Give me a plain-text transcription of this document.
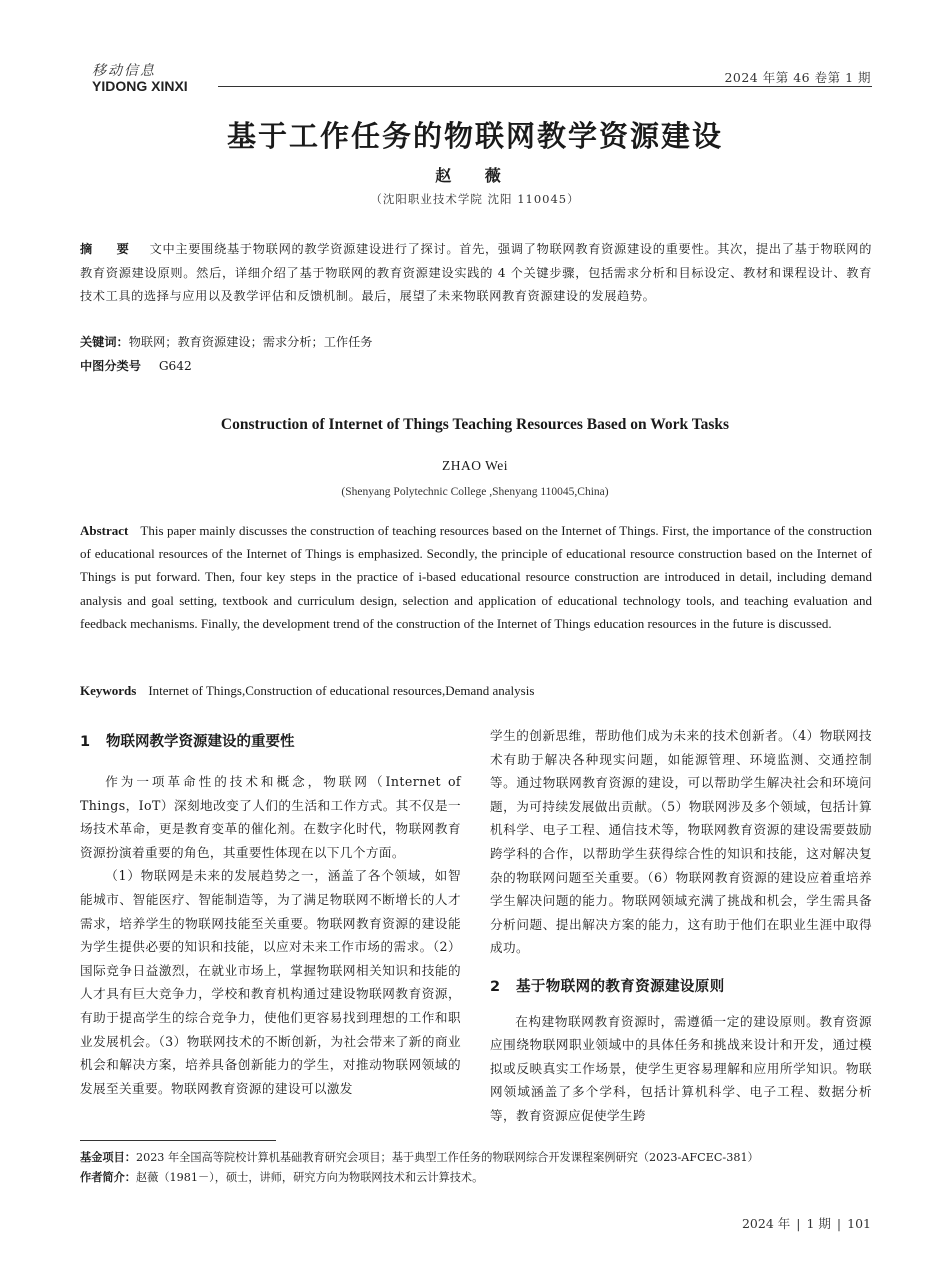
移动信息
YIDONG XINXI
2024 年第 46 卷第 1 期
基于工作任务的物联网教学资源建设
赵 薇
（沈阳职业技术学院 沈阳 110045）
摘 要 文中主要围绕基于物联网的教学资源建设进行了探讨。首先，强调了物联网教育资源建设的重要性。其次，提出了基于物联网的教育资源建设原则。然后，详细介绍了基于物联网的教育资源建设实践的 4 个关键步骤，包括需求分析和目标设定、教材和课程设计、教育技术工具的选择与应用以及教学评估和反馈机制。最后，展望了未来物联网教育资源建设的发展趋势。
关键词：物联网；教育资源建设；需求分析；工作任务
中图分类号 G642
Construction of Internet of Things Teaching Resources Based on Work Tasks
ZHAO Wei
(Shenyang Polytechnic College ,Shenyang 110045,China)
Abstract This paper mainly discusses the construction of teaching resources based on the Internet of Things. First, the importance of the construction of educational resources of the Internet of Things is emphasized. Secondly, the principle of educational resource construction based on the Internet of Things is put forward. Then, four key steps in the practice of i-based educational resource construction are introduced in detail, including demand analysis and goal setting, textbook and curriculum design, selection and application of educational technology tools, and teaching evaluation and feedback mechanisms. Finally, the development trend of the construction of the Internet of Things education resources in the future is discussed.
Keywords Internet of Things,Construction of educational resources,Demand analysis
1 物联网教学资源建设的重要性

作为一项革命性的技术和概念，物联网（Internet of Things，IoT）深刻地改变了人们的生活和工作方式。其不仅是一场技术革命，更是教育变革的催化剂。在数字化时代，物联网教育资源扮演着重要的角色，其重要性体现在以下几个方面。

（1）物联网是未来的发展趋势之一，涵盖了各个领域，如智能城市、智能医疗、智能制造等，为了满足物联网不断增长的人才需求，培养学生的物联网技能至关重要。物联网教育资源的建设能为学生提供必要的知识和技能，以应对未来工作市场的需求。（2）国际竞争日益激烈，在就业市场上，掌握物联网相关知识和技能的人才具有巨大竞争力，学校和教育机构通过建设物联网教育资源，有助于提高学生的综合竞争力，使他们更容易找到理想的工作和职业发展机会。（3）物联网技术的不断创新，为社会带来了新的商业机会和解决方案，培养具备创新能力的学生，对推动物联网领域的发展至关重要。物联网教育资源的建设可以激发

学生的创新思维，帮助他们成为未来的技术创新者。（4）物联网技术有助于解决各种现实问题，如能源管理、环境监测、交通控制等。通过物联网教育资源的建设，可以帮助学生解决社会和环境问题，为可持续发展做出贡献。（5）物联网涉及多个领域，包括计算机科学、电子工程、通信技术等，物联网教育资源的建设需要鼓励跨学科的合作，以帮助学生获得综合性的知识和技能，这对解决复杂的物联网问题至关重要。（6）物联网教育资源的建设应着重培养学生解决问题的能力。物联网领域充满了挑战和机会，学生需具备分析问题、提出解决方案的能力，这有助于他们在职业生涯中取得成功。

2 基于物联网的教育资源建设原则

在构建物联网教育资源时，需遵循一定的建设原则。教育资源应围绕物联网职业领域中的具体任务和挑战来设计和开发，通过模拟或反映真实工作场景，使学生更容易理解和应用所学知识。物联网领域涵盖了多个学科，包括计算机科学、电子工程、数据分析等，教育资源应促使学生跨

基金项目：2023 年全国高等院校计算机基础教育研究会项目；基于典型工作任务的物联网综合开发课程案例研究（2023-AFCEC-381）
作者简介：赵薇（1981－），硕士，讲师，研究方向为物联网技术和云计算技术。
2024 年 | 1 期 | 101
